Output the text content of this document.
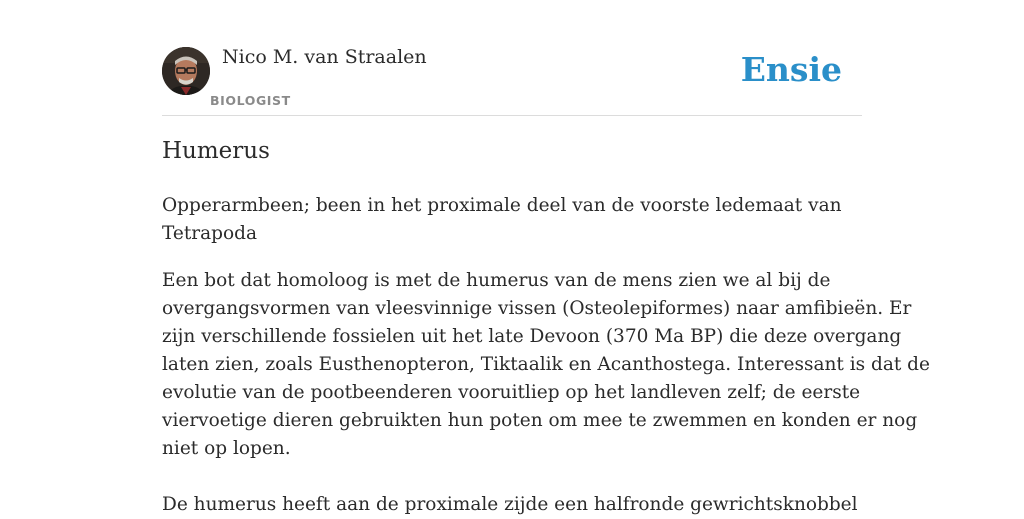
Nico M. van Straalen
BIOLOGIST
Ensie
Humerus

Opperarmbeen; been in het proximale deel van de voorste ledemaat van
Tetrapoda

Een bot dat homoloog is met de humerus van de mens zien we al bij de
overgangsvormen van vleesvinnige vissen (Osteolepiformes) naar amfibieën. Er
zijn verschillende fossielen uit het late Devoon (370 Ma BP) die deze overgang
laten zien, zoals Eusthenopteron, Tiktaalik en Acanthostega. Interessant is dat de
evolutie van de pootbeenderen vooruitliep op het landleven zelf; de eerste
viervoetige dieren gebruikten hun poten om mee te zwemmen en konden er nog
niet op lopen.
De humerus heeft aan de proximale zijde een halfronde gewrichtsknobbel
